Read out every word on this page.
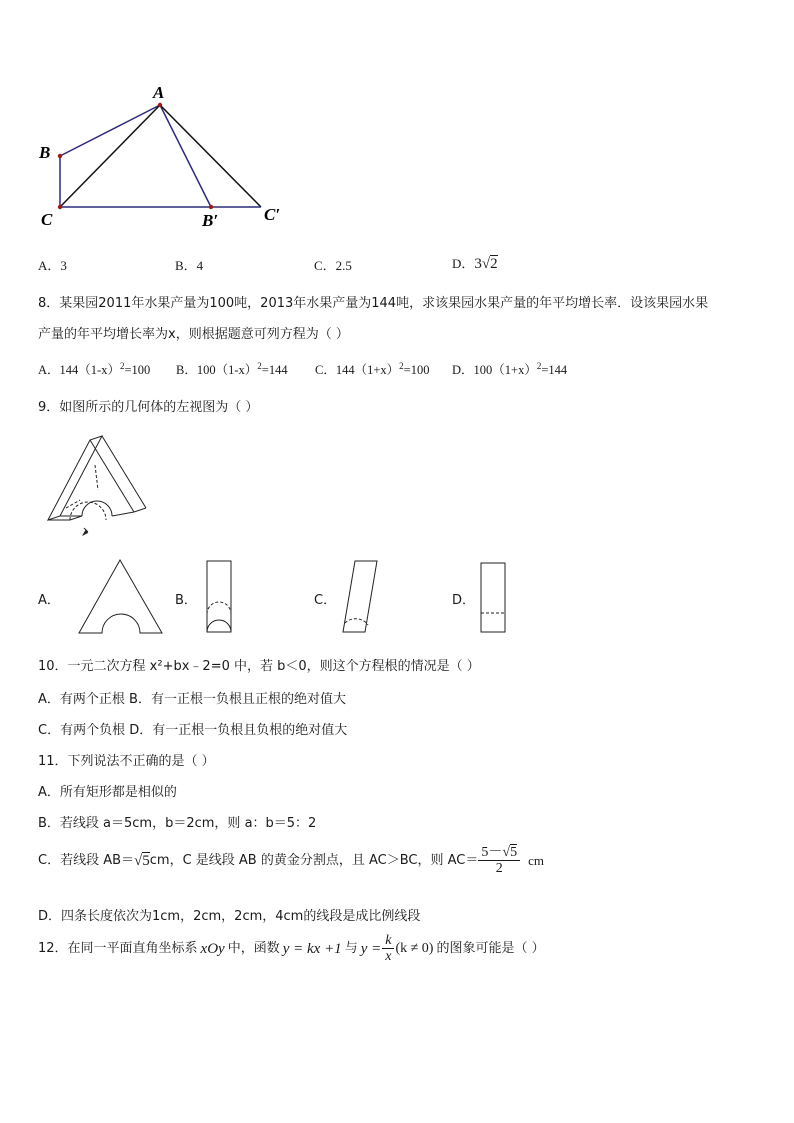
A
B
C	B′	C′
A．3	B．4	C．2.5	D．3√2
8．某果园2011年水果产量为100吨，2013年水果产量为144吨，求该果园水果产量的年平均增长率．设该果园水果
产量的年平均增长率为x，则根据题意可列方程为（ ）
A．$144(1-x)^2=100$ B．$100(1-x)^2=144$ C．$144(1+x)^2=100$ D．$100(1+x)^2=144$
9．如图所示的几何体的左视图为（ ）
A．	B．	C．	D．
10．一元二次方程 x²+bx﹣2=0 中，若 b＜0，则这个方程根的情况是（ ）
A．有两个正根 B．有一正根一负根且正根的绝对值大
C．有两个负根 D．有一正根一负根且负根的绝对值大
11．下列说法不正确的是（ ）
A．所有矩形都是相似的
B．若线段 a＝5cm，b＝2cm，则 a：b＝5：2
C．若线段 AB＝√5cm，C 是线段 AB 的黄金分割点，且 AC＞BC，则 $AC= \frac{5-√5}{2}$ cm
D．四条长度依次为1cm，2cm，2cm，4cm的线段是成比例线段
12．在同一平面直角坐标系 xOy 中，函数 y = kx +1 与 $y = \frac{k}{x} (k \ne 0)$ 的图象可能是（ ）
